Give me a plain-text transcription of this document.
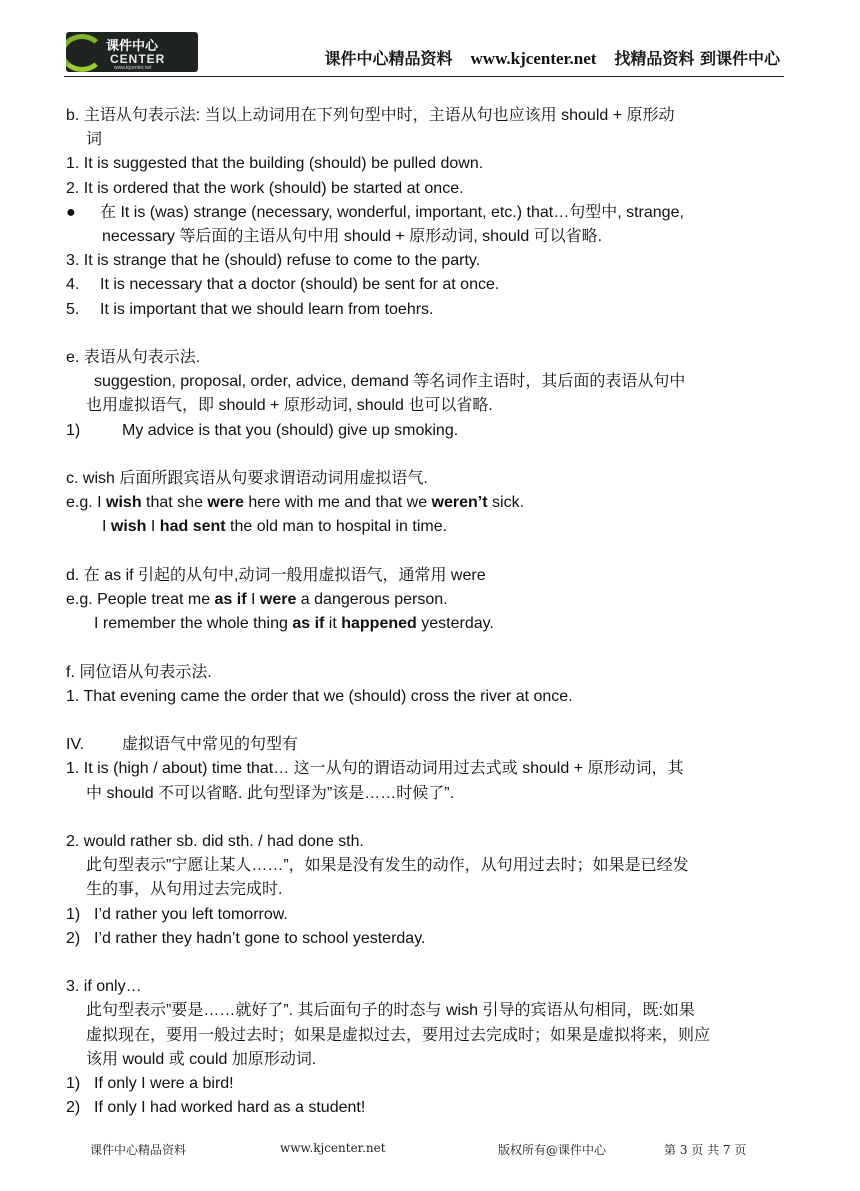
课件中心
CENTER
www.kjcenter.net	课件中心精品资料 www.kjcenter.net 找精品资料 到课件中心
b. 主语从句表示法: 当以上动词用在下列句型中时，主语从句也应该用 should + 原形动
词
1. It is suggested that the building (should) be pulled down.
2. It is ordered that the work (should) be started at once.
● 在 It is (was) strange (necessary, wonderful, important, etc.) that…句型中, strange,
necessary 等后面的主语从句中用 should + 原形动词, should 可以省略.
3. It is strange that he (should) refuse to come to the party.
4. It is necessary that a doctor (should) be sent for at once.
5. It is important that we should learn from toehrs.
e. 表语从句表示法.
suggestion, proposal, order, advice, demand 等名词作主语时，其后面的表语从句中
也用虚拟语气，即 should + 原形动词, should 也可以省略.
1)	My advice is that you (should) give up smoking.
c. wish 后面所跟宾语从句要求谓语动词用虚拟语气.
e.g. I wish that she were here with me and that we weren’t sick.
I wish I had sent the old man to hospital in time.
d. 在 as if 引起的从句中,动词一般用虚拟语气，通常用 were
e.g. People treat me as if I were a dangerous person.
I remember the whole thing as if it happened yesterday.
f. 同位语从句表示法.
1. That evening came the order that we (should) cross the river at once.
IV. 虚拟语气中常见的句型有
1. It is (high / about) time that… 这一从句的谓语动词用过去式或 should + 原形动词，其
中 should 不可以省略. 此句型译为”该是……时候了”.
2. would rather sb. did sth. / had done sth.
此句型表示”宁愿让某人……”，如果是没有发生的动作，从句用过去时；如果是已经发
生的事，从句用过去完成时.
1) I’d rather you left tomorrow.
2) I’d rather they hadn’t gone to school yesterday.
3. if only…
此句型表示”要是……就好了”. 其后面句子的时态与 wish 引导的宾语从句相同，既:如果
虚拟现在，要用一般过去时；如果是虚拟过去，要用过去完成时；如果是虚拟将来，则应
该用 would 或 could 加原形动词.
1) If only I were a bird!
2) If only I had worked hard as a student!
课件中心精品资料	www.kjcenter.net	版权所有@课件中心	第 3 页 共 7 页
